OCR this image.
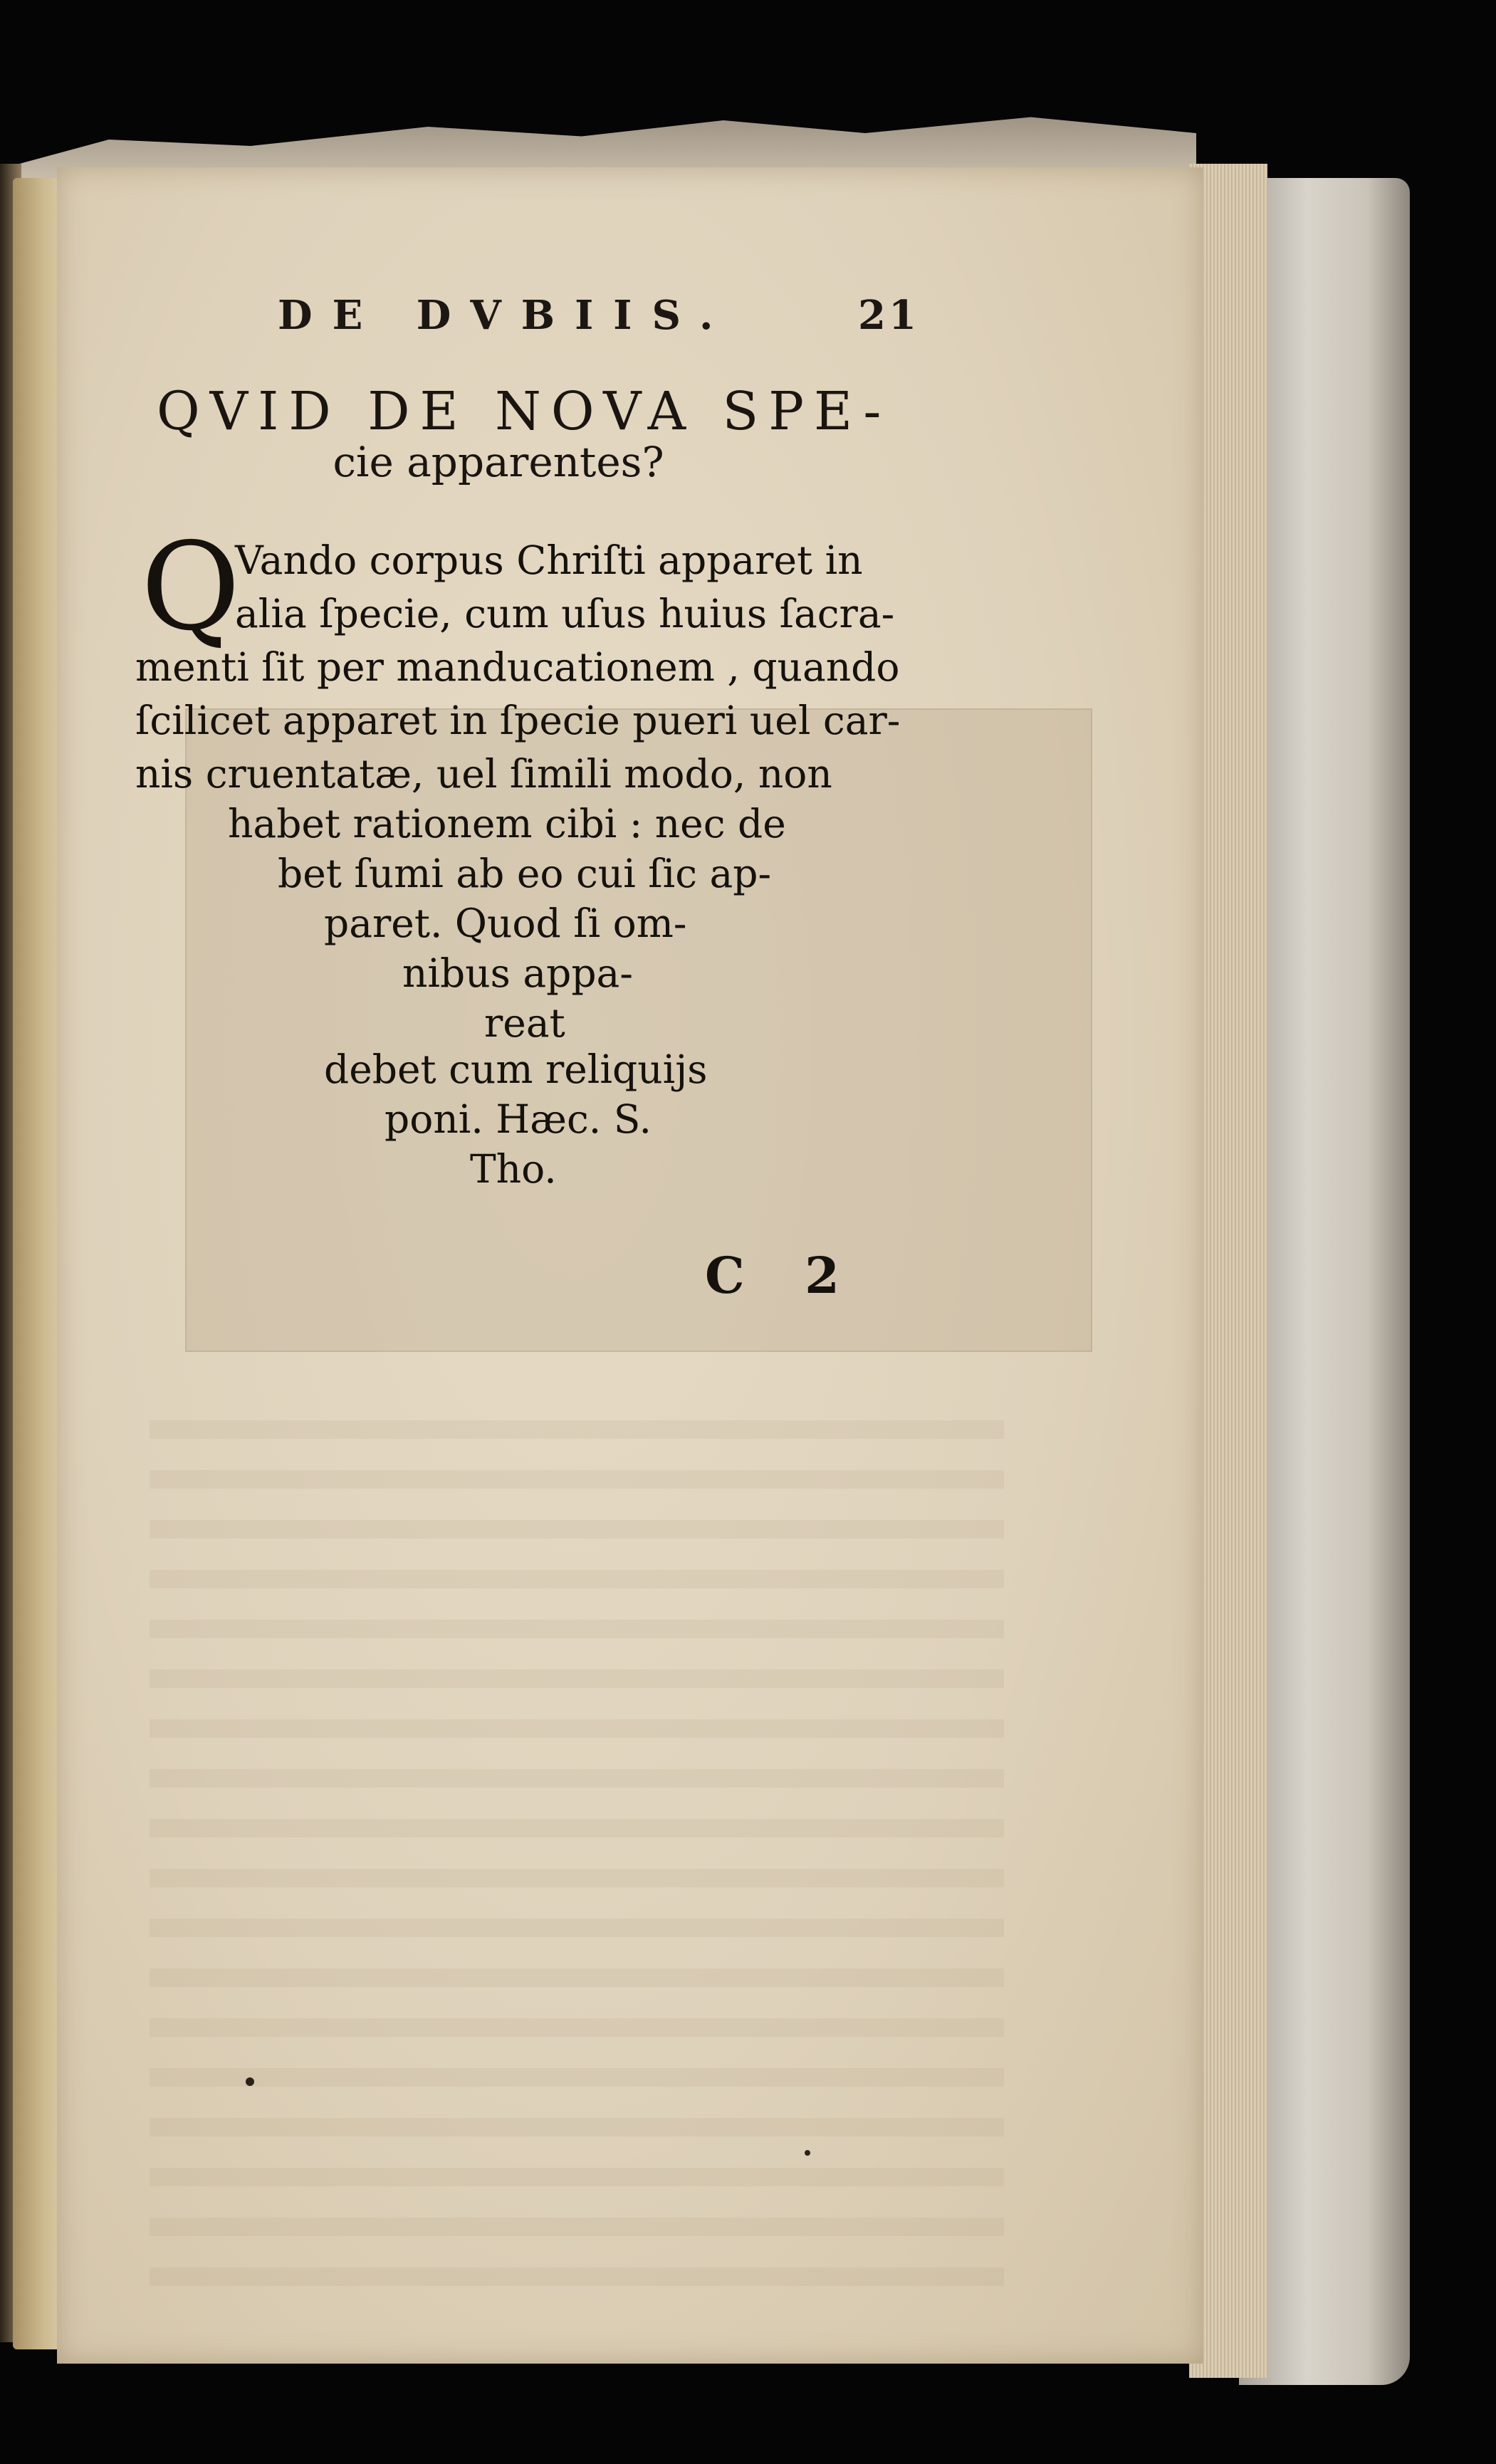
DE DVBIIS.	21
QVID DE NOVA SPE-
cie apparentes?
Q
Vando corpus Chriſti apparet in
alia ſpecie, cum uſus huius ſacra-
menti ſit per manducationem , quando
ſcilicet apparet in ſpecie pueri uel car-
nis cruentatæ, uel ſimili modo, non
habet rationem cibi : nec de
bet ſumi ab eo cui ſic ap-
paret. Quod ſi om-
nibus appa-
reat
debet cum reliquijs
poni. Hæc. S.
Tho.
C 2
